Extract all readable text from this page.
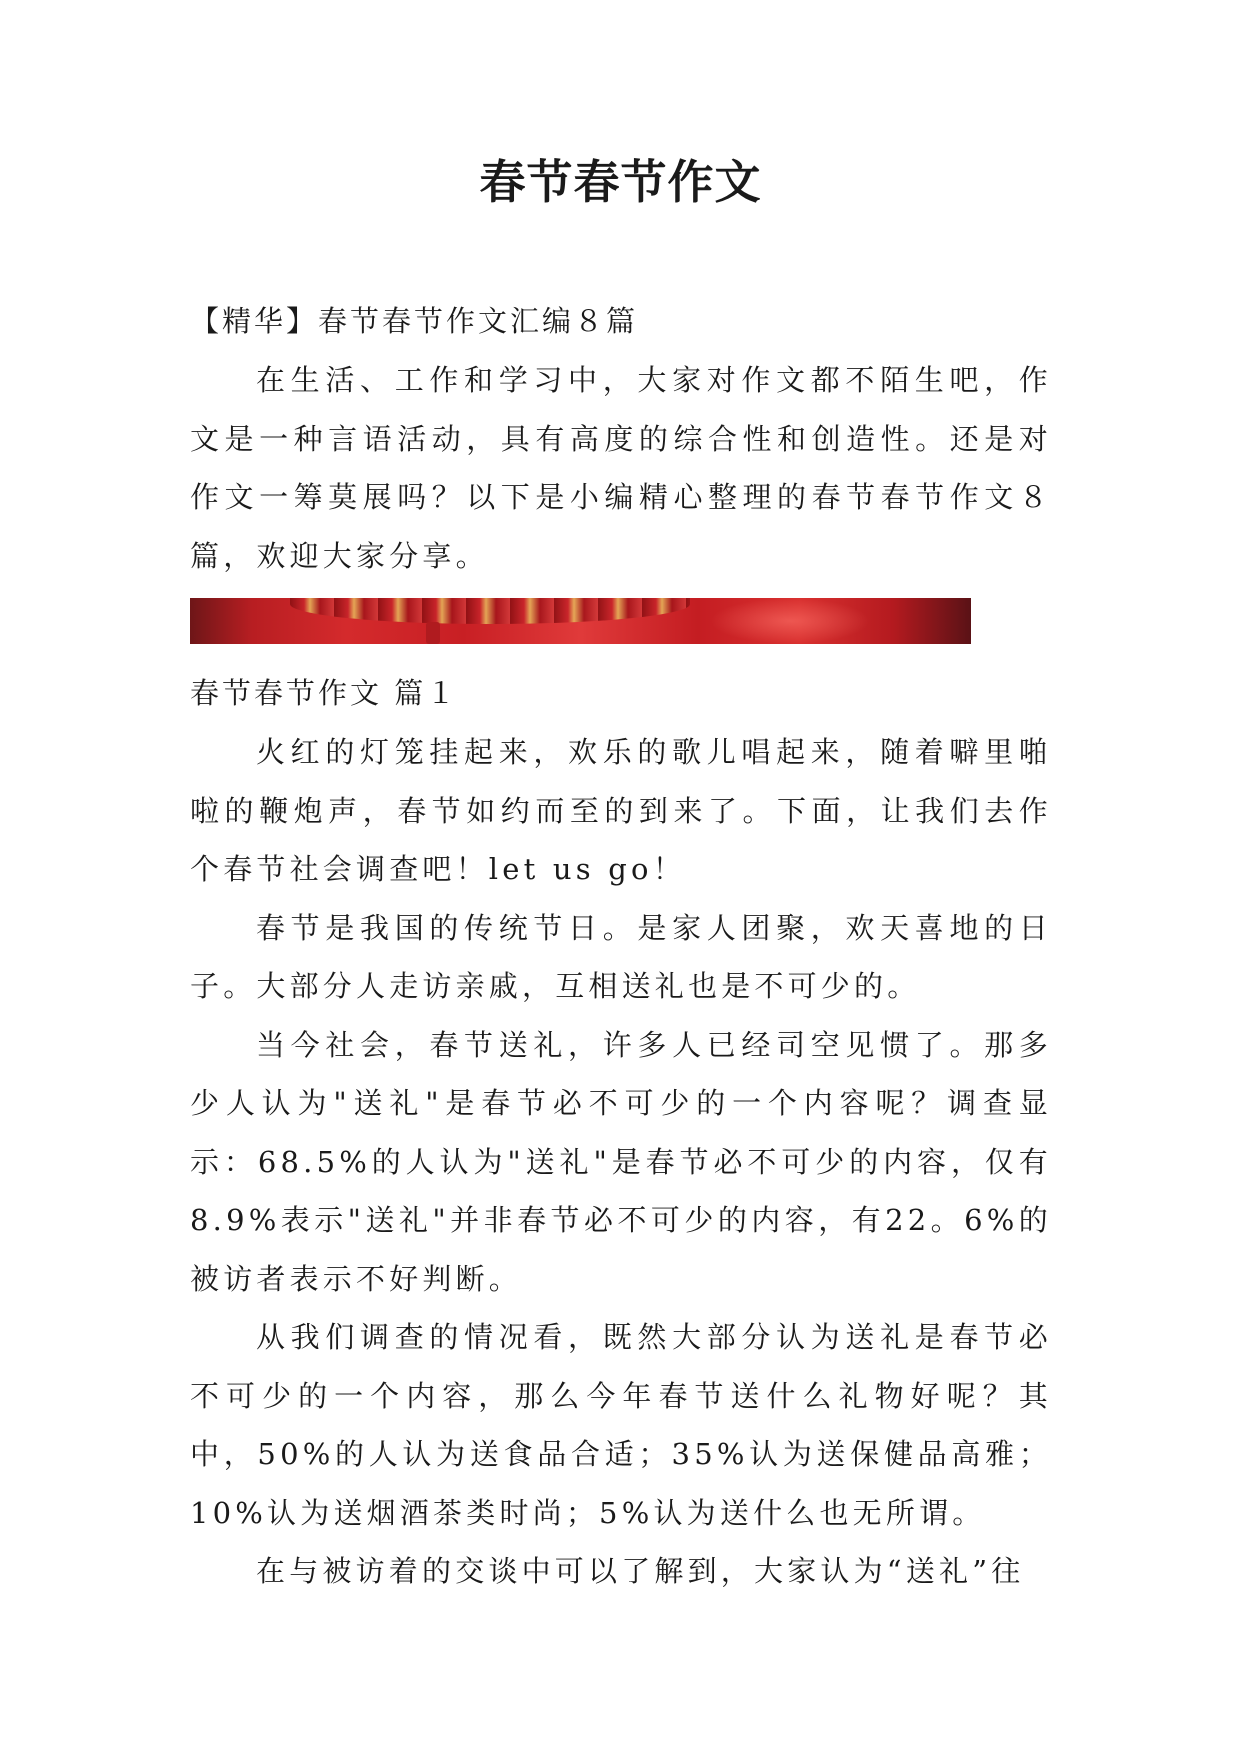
春节春节作文

【精华】春节春节作文汇编８篇

在生活、工作和学习中，大家对作文都不陌生吧，作文是一种言语活动，具有高度的综合性和创造性。还是对作文一筹莫展吗？以下是小编精心整理的春节春节作文８篇，欢迎大家分享。

春节春节作文 篇１

火红的灯笼挂起来，欢乐的歌儿唱起来，随着噼里啪啦的鞭炮声，春节如约而至的到来了。下面，让我们去作个春节社会调查吧！let us go！

春节是我国的传统节日。是家人团聚，欢天喜地的日子。大部分人走访亲戚，互相送礼也是不可少的。

当今社会，春节送礼，许多人已经司空见惯了。那多少人认为"送礼"是春节必不可少的一个内容呢？调查显示：68.5%的人认为"送礼"是春节必不可少的内容，仅有8.9%表示"送礼"并非春节必不可少的内容，有22。6%的被访者表示不好判断。

从我们调查的情况看，既然大部分认为送礼是春节必不可少的一个内容，那么今年春节送什么礼物好呢？其中，50%的人认为送食品合适；35%认为送保健品高雅；10%认为送烟酒茶类时尚；5%认为送什么也无所谓。

在与被访着的交谈中可以了解到，大家认为“送礼”往
